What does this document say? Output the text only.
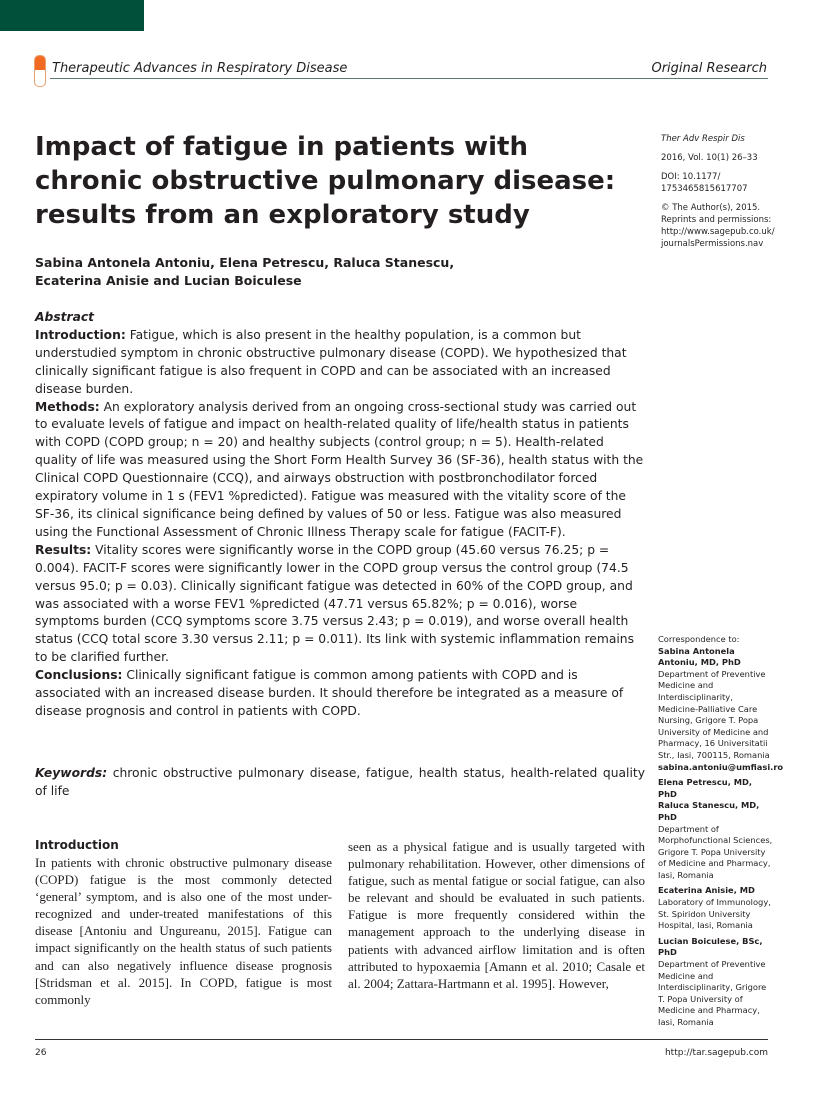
Therapeutic Advances in Respiratory Disease	Original Research
Impact of fatigue in patients with chronic obstructive pulmonary disease: results from an exploratory study
Sabina Antonela Antoniu, Elena Petrescu, Raluca Stanescu, Ecaterina Anisie and Lucian Boiculese

Ther Adv Respir Dis

2016, Vol. 10(1) 26–33

DOI: 10.1177/ 1753465815617707

© The Author(s), 2015. Reprints and permissions: http://www.sagepub.co.uk/ journalsPermissions.nav

Abstract

Introduction: Fatigue, which is also present in the healthy population, is a common but understudied symptom in chronic obstructive pulmonary disease (COPD). We hypothesized that clinically significant fatigue is also frequent in COPD and can be associated with an increased disease burden.

Methods: An exploratory analysis derived from an ongoing cross-sectional study was carried out to evaluate levels of fatigue and impact on health-related quality of life/health status in patients with COPD (COPD group; n = 20) and healthy subjects (control group; n = 5). Health-related quality of life was measured using the Short Form Health Survey 36 (SF-36), health status with the Clinical COPD Questionnaire (CCQ), and airways obstruction with postbronchodilator forced expiratory volume in 1 s (FEV1 %predicted). Fatigue was measured with the vitality score of the SF-36, its clinical significance being defined by values of 50 or less. Fatigue was also measured using the Functional Assessment of Chronic Illness Therapy scale for fatigue (FACIT-F).

Results: Vitality scores were significantly worse in the COPD group (45.60 versus 76.25; p = 0.004). FACIT-F scores were significantly lower in the COPD group versus the control group (74.5 versus 95.0; p = 0.03). Clinically significant fatigue was detected in 60% of the COPD group, and was associated with a worse FEV1 %predicted (47.71 versus 65.82%; p = 0.016), worse symptoms burden (CCQ symptoms score 3.75 versus 2.43; p = 0.019), and worse overall health status (CCQ total score 3.30 versus 2.11; p = 0.011). Its link with systemic inflammation remains to be clarified further.

Conclusions: Clinically significant fatigue is common among patients with COPD and is associated with an increased disease burden. It should therefore be integrated as a measure of disease prognosis and control in patients with COPD.

Keywords: chronic obstructive pulmonary disease, fatigue, health status, health-related quality of life

Correspondence to:
Sabina Antonela Antoniu, MD, PhD
Department of Preventive Medicine and Interdisciplinarity, Medicine-Palliative Care Nursing, Grigore T. Popa University of Medicine and Pharmacy, 16 Universitatii Str., Iasi, 700115, Romania
sabina.antoniu@umfiasi.ro

Elena Petrescu, MD, PhD
Raluca Stanescu, MD, PhD
Department of Morphofunctional Sciences, Grigore T. Popa University of Medicine and Pharmacy, Iasi, Romania

Ecaterina Anisie, MD
Laboratory of Immunology, St. Spiridon University Hospital, Iasi, Romania

Lucian Boiculese, BSc, PhD
Department of Preventive Medicine and Interdisciplinarity, Grigore T. Popa University of Medicine and Pharmacy, Iasi, Romania

Introduction

In patients with chronic obstructive pulmonary disease (COPD) fatigue is the most commonly detected ‘general’ symptom, and is also one of the most under-recognized and under-treated manifestations of this disease [Antoniu and Ungureanu, 2015]. Fatigue can impact significantly on the health status of such patients and can also negatively influence disease prognosis [Stridsman et al. 2015]. In COPD, fatigue is most commonly

seen as a physical fatigue and is usually targeted with pulmonary rehabilitation. However, other dimensions of fatigue, such as mental fatigue or social fatigue, can also be relevant and should be evaluated in such patients. Fatigue is more frequently considered within the management approach to the underlying disease in patients with advanced airflow limitation and is often attributed to hypoxaemia [Amann et al. 2010; Casale et al. 2004; Zattara-Hartmann et al. 1995]. However,

26	http://tar.sagepub.com
